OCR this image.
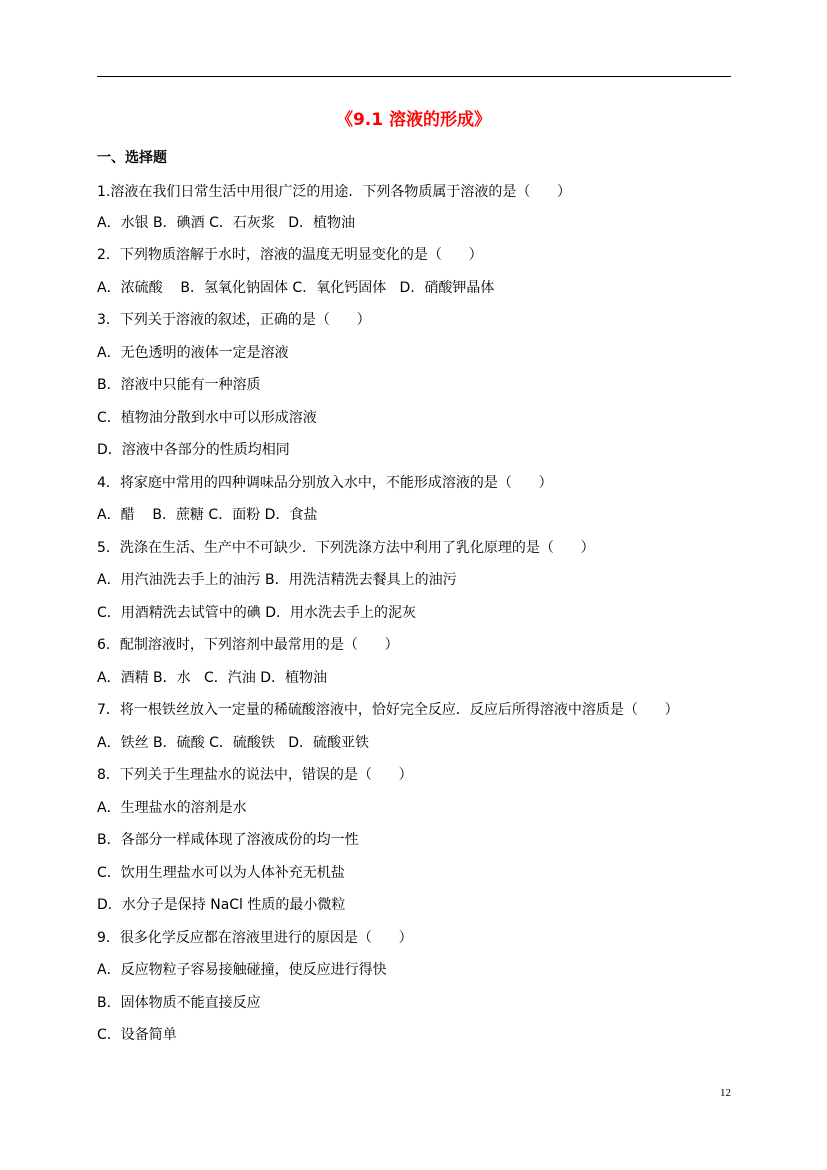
《9.1 溶液的形成》
一、选择题
1.溶液在我们日常生活中用很广泛的用途．下列各物质属于溶液的是（      ）
A．水银 B．碘酒 C．石灰浆   D．植物油
2．下列物质溶解于水时，溶液的温度无明显变化的是（      ）
A．浓硫酸    B．氢氧化钠固体 C．氧化钙固体   D．硝酸钾晶体
3．下列关于溶液的叙述，正确的是（      ）
A．无色透明的液体一定是溶液
B．溶液中只能有一种溶质
C．植物油分散到水中可以形成溶液
D．溶液中各部分的性质均相同
4．将家庭中常用的四种调味品分别放入水中，不能形成溶液的是（      ）
A．醋    B．蔗糖 C．面粉 D．食盐
5．洗涤在生活、生产中不可缺少．下列洗涤方法中利用了乳化原理的是（      ）
A．用汽油洗去手上的油污 B．用洗洁精洗去餐具上的油污
C．用酒精洗去试管中的碘 D．用水洗去手上的泥灰
6．配制溶液时，下列溶剂中最常用的是（      ）
A．酒精 B．水   C．汽油 D．植物油
7．将一根铁丝放入一定量的稀硫酸溶液中，恰好完全反应．反应后所得溶液中溶质是（      ）
A．铁丝 B．硫酸 C．硫酸铁   D．硫酸亚铁
8．下列关于生理盐水的说法中，错误的是（      ）
A．生理盐水的溶剂是水
B．各部分一样咸体现了溶液成份的均一性
C．饮用生理盐水可以为人体补充无机盐
D．水分子是保持 NaCl 性质的最小微粒
9．很多化学反应都在溶液里进行的原因是（      ）
A．反应物粒子容易接触碰撞，使反应进行得快
B．固体物质不能直接反应
C．设备简单
12
